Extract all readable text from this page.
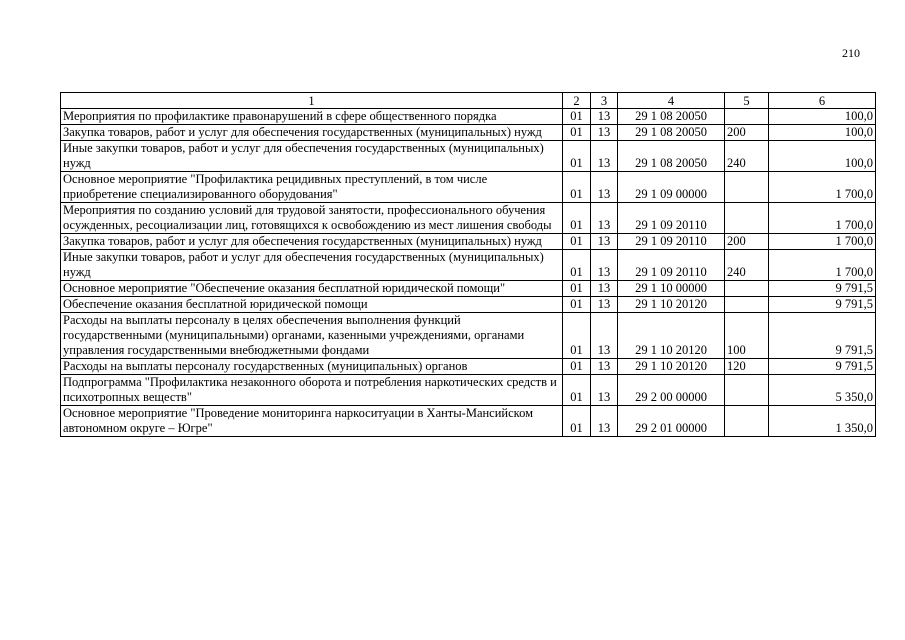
210
1	2	3	4	5	6
Мероприятия по профилактике правонарушений в сфере общественного порядка	01	13	29 1 08 20050		100,0
Закупка товаров, работ и услуг для обеспечения государственных (муниципальных) нужд	01	13	29 1 08 20050	200	100,0
Иные закупки товаров, работ и услуг для обеспечения государственных (муниципальных) нужд	01	13	29 1 08 20050	240	100,0
Основное мероприятие "Профилактика рецидивных преступлений, в том числе приобретение специализированного оборудования"	01	13	29 1 09 00000		1 700,0
Мероприятия по созданию условий для трудовой занятости, профессионального обучения осужденных, ресоциализации лиц, готовящихся к освобождению из мест лишения свободы	01	13	29 1 09 20110		1 700,0
Закупка товаров, работ и услуг для обеспечения государственных (муниципальных) нужд	01	13	29 1 09 20110	200	1 700,0
Иные закупки товаров, работ и услуг для обеспечения государственных (муниципальных) нужд	01	13	29 1 09 20110	240	1 700,0
Основное мероприятие "Обеспечение оказания бесплатной юридической помощи"	01	13	29 1 10 00000		9 791,5
Обеспечение оказания бесплатной юридической помощи	01	13	29 1 10 20120		9 791,5
Расходы на выплаты персоналу в целях обеспечения выполнения функций государственными (муниципальными) органами, казенными учреждениями, органами управления государственными внебюджетными фондами	01	13	29 1 10 20120	100	9 791,5
Расходы на выплаты персоналу государственных (муниципальных) органов	01	13	29 1 10 20120	120	9 791,5
Подпрограмма "Профилактика незаконного оборота и потребления наркотических средств и психотропных веществ"	01	13	29 2 00 00000		5 350,0
Основное мероприятие "Проведение мониторинга наркоситуации в Ханты-Мансийском автономном округе – Югре"	01	13	29 2 01 00000		1 350,0
